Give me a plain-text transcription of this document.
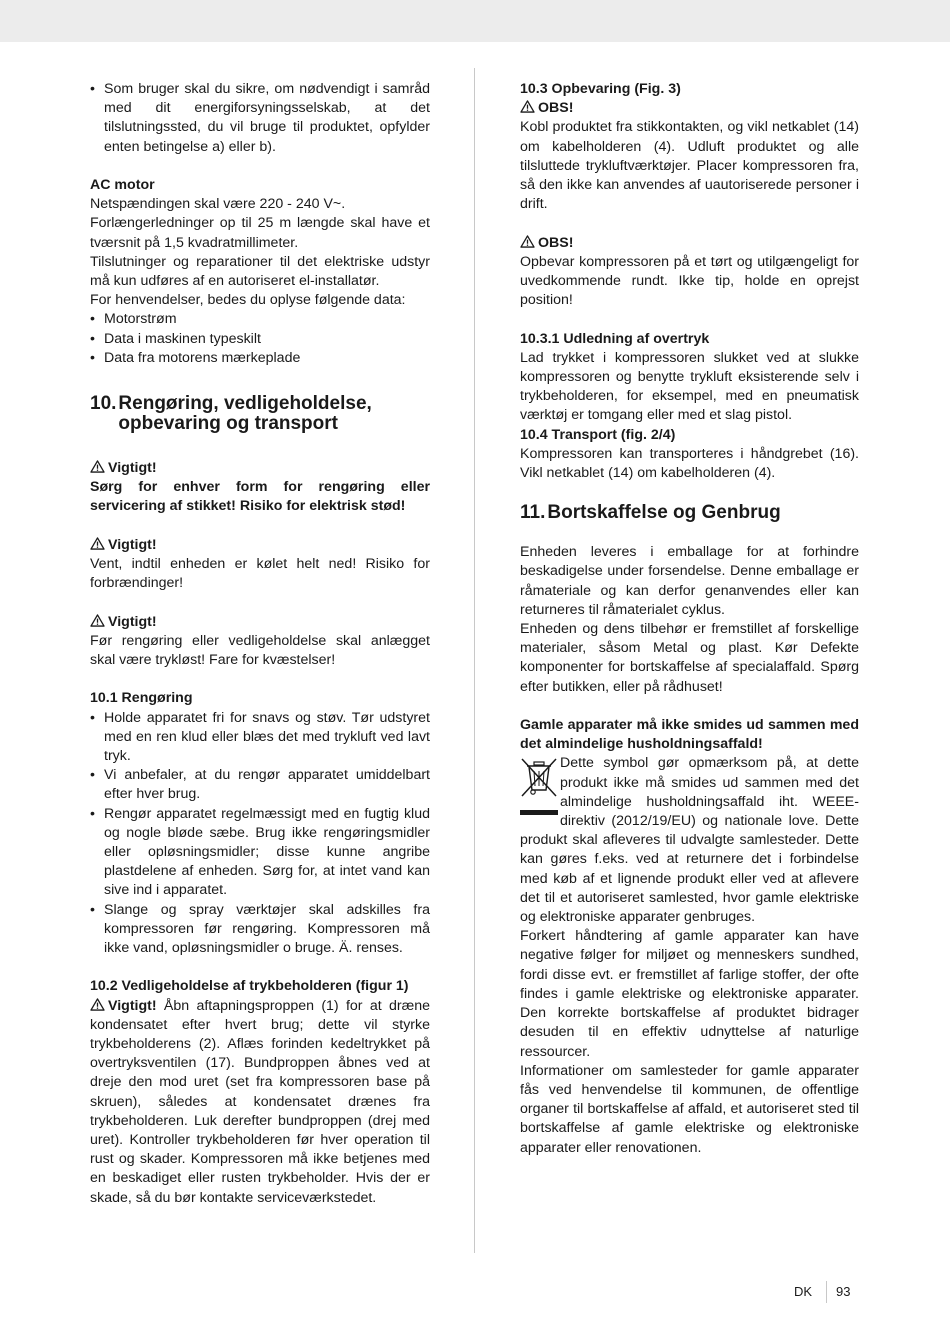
• Som bruger skal du sikre, om nødvendigt i samråd med dit energiforsyningsselskab, at det tilslutningssted, du vil bruge til produktet, opfylder enten betingelse a) eller b).

AC motor

Netspændingen skal være 220 - 240 V~.

Forlængerledninger op til 25 m længde skal have et tværsnit på 1,5 kvadratmillimeter.

Tilslutninger og reparationer til det elektriske udstyr må kun udføres af en autoriseret el-installatør.

For henvendelser, bedes du oplyse følgende data:

• Motorstrøm
• Data i maskinen typeskilt
• Data fra motorens mærkeplade
10. Rengøring, vedligeholdelse, opbevaring og transport

Vigtigt!

Sørg for enhver form for rengøring eller servicering af stikket! Risiko for elektrisk stød!

Vigtigt!

Vent, indtil enheden er kølet helt ned! Risiko for forbrændinger!

Vigtigt!

Før rengøring eller vedligeholdelse skal anlægget skal være trykløst! Fare for kvæstelser!

10.1 Rengøring

• Holde apparatet fri for snavs og støv. Tør udstyret med en ren klud eller blæs det med trykluft ved lavt tryk.
• Vi anbefaler, at du rengør apparatet umiddelbart efter hver brug.
• Rengør apparatet regelmæssigt med en fugtig klud og nogle bløde sæbe. Brug ikke rengøringsmidler eller opløsningsmidler; disse kunne angribe plastdelene af enheden. Sørg for, at intet vand kan sive ind i apparatet.
• Slange og spray værktøjer skal adskilles fra kompressoren før rengøring. Kompressoren må ikke vand, opløsningsmidler o bruge. Ä. renses.

10.2 Vedligeholdelse af trykbeholderen (figur 1)

Vigtigt! Åbn aftapningsproppen (1) for at dræne kondensatet efter hvert brug; dette vil styrke trykbeholderens (2). Aflæs forinden kedeltrykket på overtryksventilen (17). Bundproppen åbnes ved at dreje den mod uret (set fra kompressoren base på skruen), således at kondensatet drænes fra trykbeholderen. Luk derefter bundproppen (drej med uret). Kontroller trykbeholderen før hver operation til rust og skader. Kompressoren må ikke betjenes med en beskadiget eller rusten trykbeholder. Hvis der er skade, så du bør kontakte serviceværkstedet.

10.3 Opbevaring (Fig. 3)

OBS!

Kobl produktet fra stikkontakten, og vikl netkablet (14) om kabelholderen (4). Udluft produktet og alle tilsluttede trykluftværktøjer. Placer kompressoren fra, så den ikke kan anvendes af uautoriserede personer i drift.

OBS!

Opbevar kompressoren på et tørt og utilgængeligt for uvedkommende rundt. Ikke tip, holde en oprejst position!

10.3.1 Udledning af overtryk

Lad trykket i kompressoren slukket ved at slukke kompressoren og benytte trykluft eksisterende selv i trykbeholderen, for eksempel, med en pneumatisk værktøj er tomgang eller med et slag pistol.

10.4 Transport (fig. 2/4)

Kompressoren kan transporteres i håndgrebet (16). Vikl netkablet (14) om kabelholderen (4).

11. Bortskaffelse og Genbrug

Enheden leveres i emballage for at forhindre beskadigelse under forsendelse. Denne emballage er råmateriale og kan derfor genanvendes eller kan returneres til råmaterialet cyklus.

Enheden og dens tilbehør er fremstillet af forskellige materialer, såsom Metal og plast. Kør Defekte komponenter for bortskaffelse af specialaffald. Spørg efter butikken, eller på rådhuset!

Gamle apparater må ikke smides ud sammen med det almindelige husholdningsaffald!

Dette symbol gør opmærksom på, at dette produkt ikke må smides ud sammen med det almindelige husholdningsaffald iht. WEEE-direktiv (2012/19/EU) og nationale love. Dette produkt skal afleveres til udvalgte samlesteder. Dette kan gøres f.eks. ved at returnere det i forbindelse med køb af et lignende produkt eller ved at aflevere det til et autoriseret samlested, hvor gamle elektriske og elektroniske apparater genbruges.

Forkert håndtering af gamle apparater kan have negative følger for miljøet og menneskers sundhed, fordi disse evt. er fremstillet af farlige stoffer, der ofte findes i gamle elektriske og elektroniske apparater. Den korrekte bortskaffelse af produktet bidrager desuden til en effektiv udnyttelse af naturlige ressourcer.

Informationer om samlesteder for gamle apparater fås ved henvendelse til kommunen, de offentlige organer til bortskaffelse af affald, et autoriseret sted til bortskaffelse af gamle elektriske og elektroniske apparater eller renovationen.

DK 93
